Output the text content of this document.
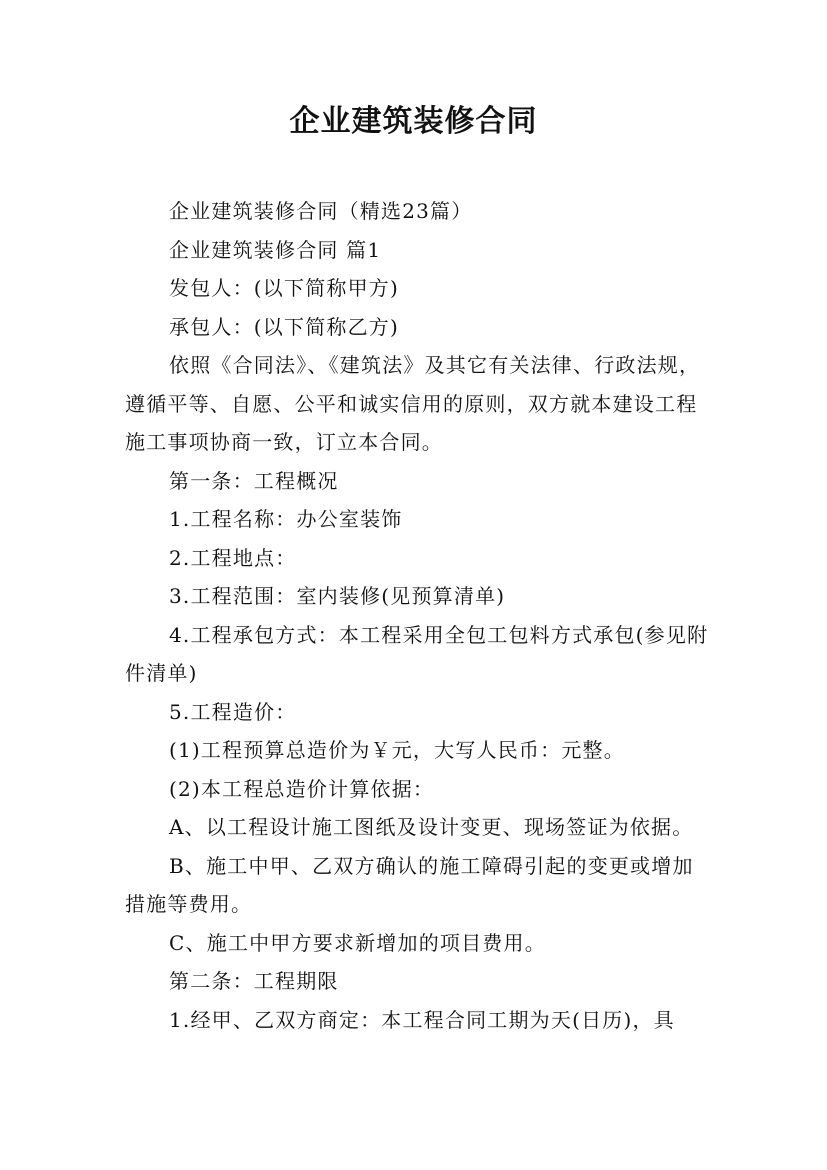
企业建筑装修合同

企业建筑装修合同（精选23篇）

企业建筑装修合同 篇1

发包人：(以下简称甲方)

承包人：(以下简称乙方)

依照《合同法》、《建筑法》及其它有关法律、行政法规，遵循平等、自愿、公平和诚实信用的原则，双方就本建设工程施工事项协商一致，订立本合同。

第一条：工程概况

1.工程名称：办公室装饰

2.工程地点：

3.工程范围：室内装修(见预算清单)

4.工程承包方式：本工程采用全包工包料方式承包(参见附件清单)

5.工程造价：

(1)工程预算总造价为￥元，大写人民币：元整。

(2)本工程总造价计算依据：

A、以工程设计施工图纸及设计变更、现场签证为依据。

B、施工中甲、乙双方确认的施工障碍引起的变更或增加措施等费用。

C、施工中甲方要求新增加的项目费用。

第二条：工程期限

1.经甲、乙双方商定：本工程合同工期为天(日历)，具
